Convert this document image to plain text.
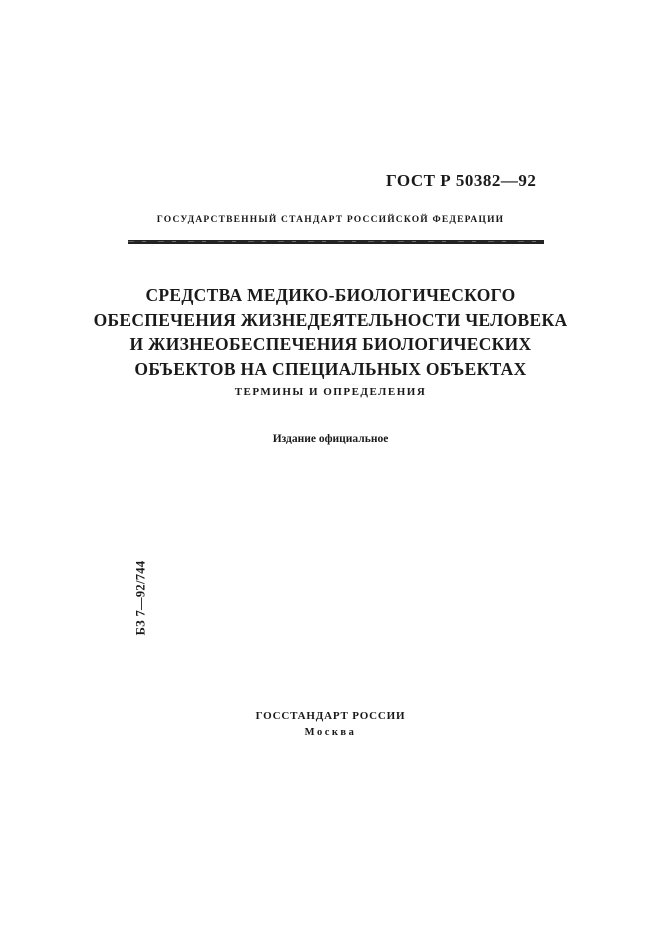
ГОСТ Р 50382—92
ГОСУДАРСТВЕННЫЙ СТАНДАРТ РОССИЙСКОЙ ФЕДЕРАЦИИ
СРЕДСТВА МЕДИКО-БИОЛОГИЧЕСКОГО
ОБЕСПЕЧЕНИЯ ЖИЗНЕДЕЯТЕЛЬНОСТИ ЧЕЛОВЕКА
И ЖИЗНЕОБЕСПЕЧЕНИЯ БИОЛОГИЧЕСКИХ
ОБЪЕКТОВ НА СПЕЦИАЛЬНЫХ ОБЪЕКТАХ
ТЕРМИНЫ И ОПРЕДЕЛЕНИЯ
Издание официальное
БЗ 7—92/744
ГОССТАНДАРТ РОССИИ
Москва
